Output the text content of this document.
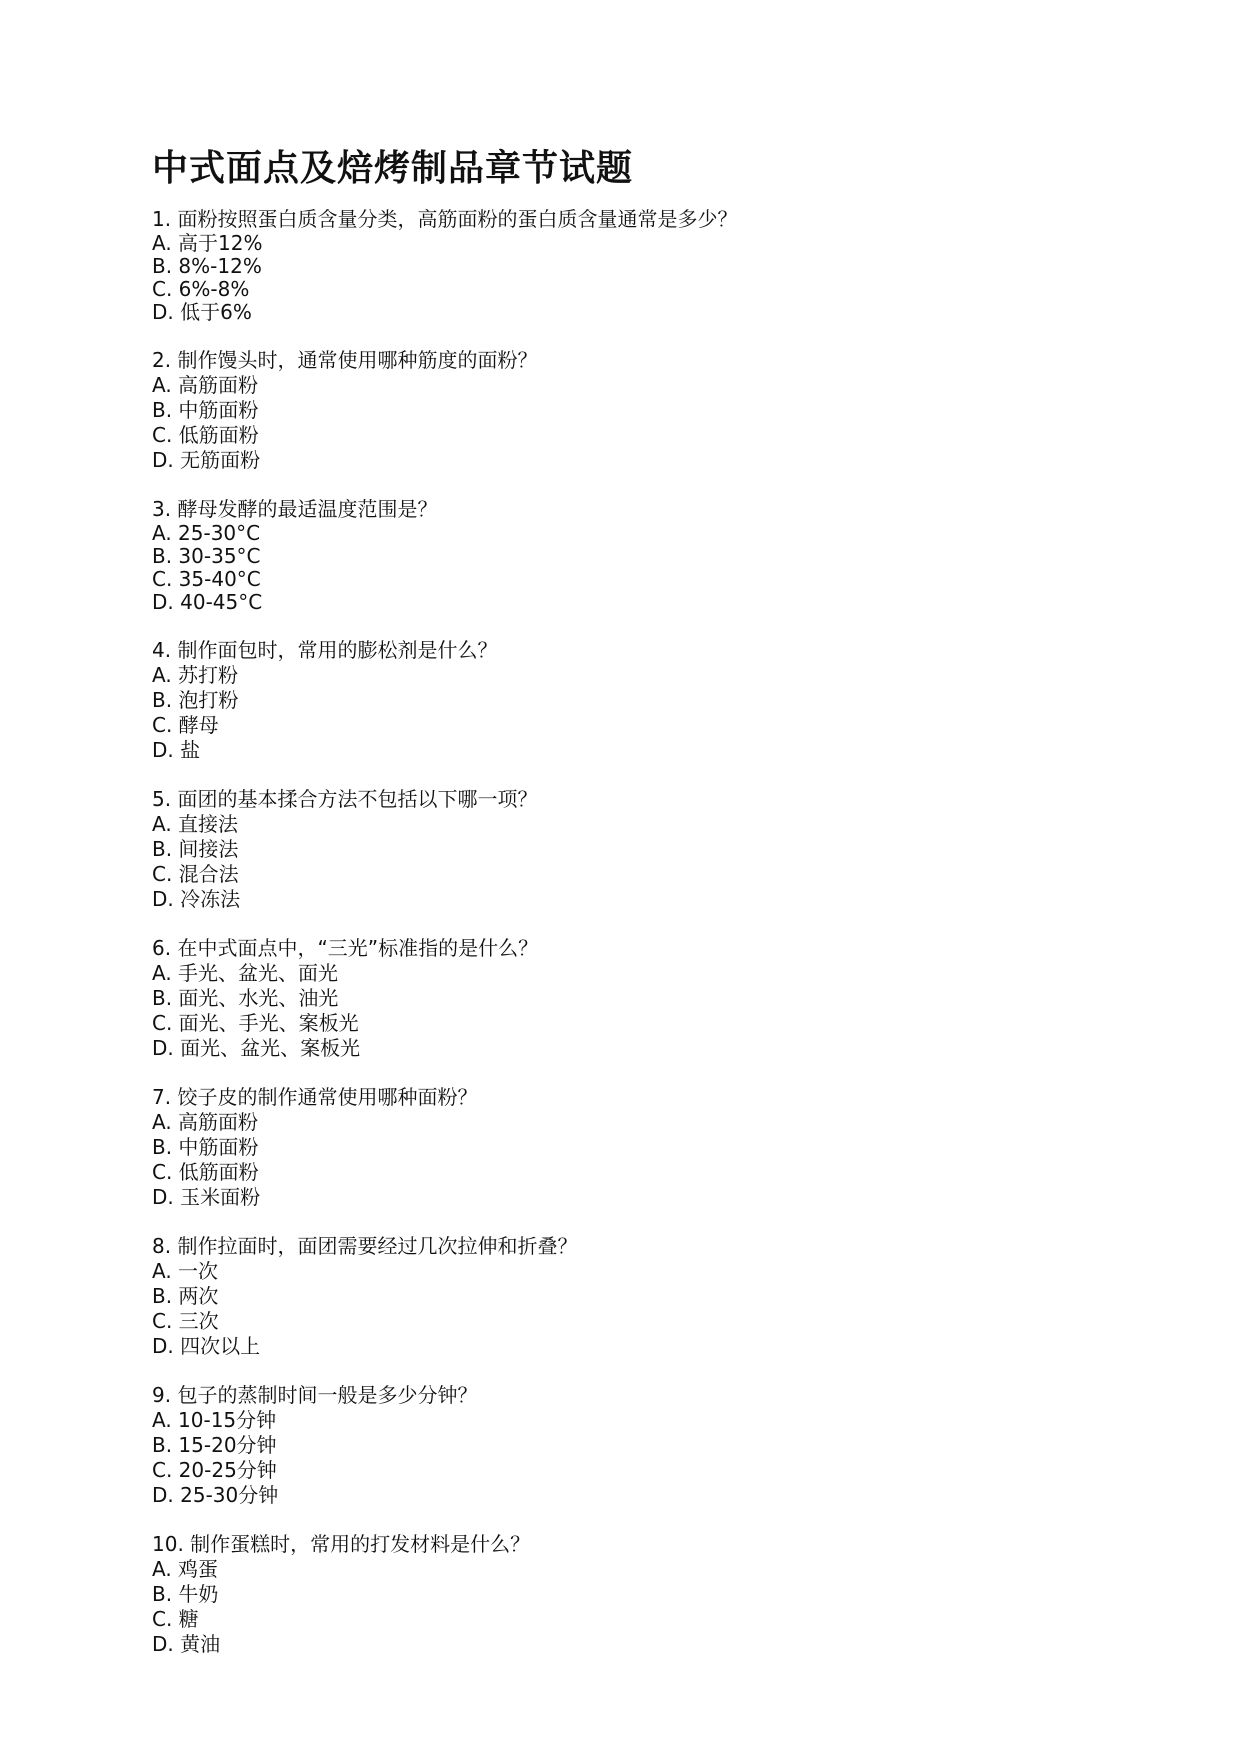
中式面点及焙烤制品章节试题
1. 面粉按照蛋白质含量分类，高筋面粉的蛋白质含量通常是多少？
A. 高于12%
B. 8%-12%
C. 6%-8%
D. 低于6%
2. 制作馒头时，通常使用哪种筋度的面粉？
A. 高筋面粉
B. 中筋面粉
C. 低筋面粉
D. 无筋面粉
3. 酵母发酵的最适温度范围是？
A. 25-30°C
B. 30-35°C
C. 35-40°C
D. 40-45°C
4. 制作面包时，常用的膨松剂是什么？
A. 苏打粉
B. 泡打粉
C. 酵母
D. 盐
5. 面团的基本揉合方法不包括以下哪一项？
A. 直接法
B. 间接法
C. 混合法
D. 冷冻法
6. 在中式面点中，“三光”标准指的是什么？
A. 手光、盆光、面光
B. 面光、水光、油光
C. 面光、手光、案板光
D. 面光、盆光、案板光
7. 饺子皮的制作通常使用哪种面粉？
A. 高筋面粉
B. 中筋面粉
C. 低筋面粉
D. 玉米面粉
8. 制作拉面时，面团需要经过几次拉伸和折叠？
A. 一次
B. 两次
C. 三次
D. 四次以上
9. 包子的蒸制时间一般是多少分钟？
A. 10-15分钟
B. 15-20分钟
C. 20-25分钟
D. 25-30分钟
10. 制作蛋糕时，常用的打发材料是什么？
A. 鸡蛋
B. 牛奶
C. 糖
D. 黄油
